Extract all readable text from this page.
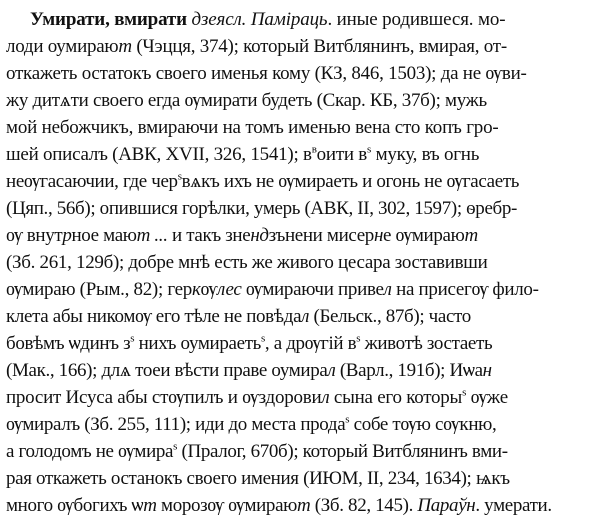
Умирати, вмирати дзеясл. Паміраць. иные родившеся. мо-
лоди оумирают (Чэцця, 374); который Витблянинъ, вмирая, от-
откажеть остатокъ своего именья кому (КЗ, 846, 1503); да не ѹви-
жу дитѧти своего егда ѹмирати будеть (Скар. КБ, 37б); мужь
мой небожчикъ, вмираючи на томъ именью вена сто копъ гро-
шей описалъ (АВК, XVII, 326, 1541); $в^воити$ $в^s$ муку, въ огнь
неѹгасаючии, где чер$^s$вѧкъ ихъ не ѹмираеть и огонь не ѹгасаеть
(Цяп., 56б); опившися горѣлки, умерь (АВК, II, 302, 1597); ѳребр-
ѹ внутрное мают ... и такъ знендзънени мисерне ѹмирают
(Зб. 261, 129б); добре мнѣ есть же живого цесара зоставивши
ѹмираю (Рым., 82); геркѹлес ѹмираючи привел на присегѹ фило-
клета абы никомѹ его тѣле не повѣдал (Бельск., 87б); часто
бовѣмъ ѡдинъ $з^s$ нихъ оумираеть$^s$, а дрѹгій $в^s$ животѣ зостаеть
(Мак., 166); длѧ тоеи вѣсти праве оумирал (Варл., 191б); Иѡан
просит Исуса абы стѹпилъ и ѹздоровил сына его которы$^s$ ѹже
ѹмиралъ (Зб. 255, 111); иди до места прода$^s$ собе тѹю сѹкню,
а голодомъ не ѹмира$^s$ (Пралог, 670б); который Витблянинъ вми-
рая откажеть останокъ своего имения (ИЮМ, II, 234, 1634); ѩкъ
много ѹбогихъ ѡт морозѹ ѹмирают (Зб. 82, 145). Параўн. умерати.
